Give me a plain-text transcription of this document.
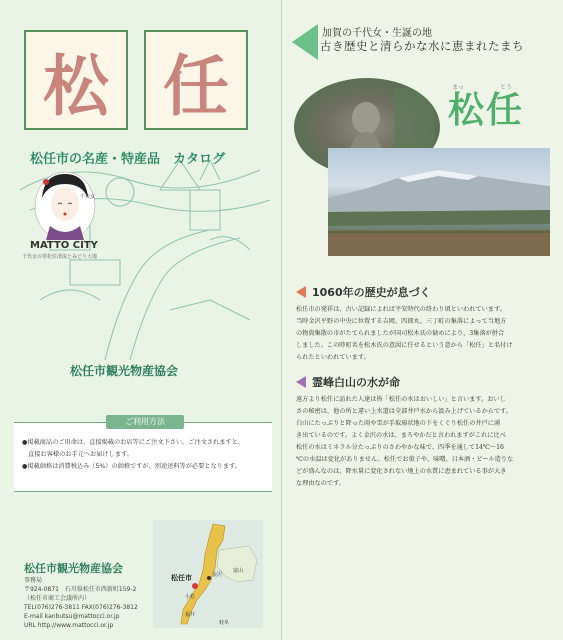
松 任
松任市の名産・特産品　カタログ
千代女
MATTO CITY
千代女の里松任清流とみどり大地
松任市観光物産協会
ご利用方法
●掲載商品のご用命は、直接掲載のお店等にご注文下さい。ご注文されますと、
　直接お客様のお手元へお届けします。
●掲載価格は消費税込み（5%）の価格ですが、別途送料等が必要となります。
松任市観光物産協会
事務局
〒924-0871　石川県松任市西新町159-2
（松任市商工会議所内）
TEL(076)276-3811 FAX(076)276-3812
E-mail kanbutsu@mattocci.or.jp
URL http://www.mattocci.or.jp
松任市	金沢
小松
富山
福井
岐阜
加賀の千代女・生誕の地
古き歴史と清らかな水に恵まれたまち
まっ	とう
松任
1060年の歴史が息づく
松任市の発祥は、古い記録によれば平安時代の終わり頃といわれています。
当時金沢平野の中央に位置する吉岡、四郎丸、三丁町の集落によって当地方
の物資集散の市がたてられましたが国司松木氏の勧めにより、3集落が併合
しました。この時町名を松木氏の意図に任せるという意から「松任」と名付け
られたといわれています。
霊峰白山の水が命
遠方より松任に訪れた人達は皆「松任の水はおいしい」と言います。おいし
さの秘密は、他の所と違い上水道は全部井戸水から汲み上げているからです。
白山にたっぷりと降った雨や雪が手取扇状地の下をくぐり松任の井戸に湧
き出ているのです。よく金沢の水は、まろやかだと言われますがこれに比べ
松任の水はミネラル分たっぷりのさわやかな味で、四季を通して14℃～16
℃の水温は変化がありません。松任でお菓子や、味噌、日本酒・ビール造りな
どが盛んなのは、降水量に変化されない地上の水質に恵まれている事が大き
な理由なのです。
